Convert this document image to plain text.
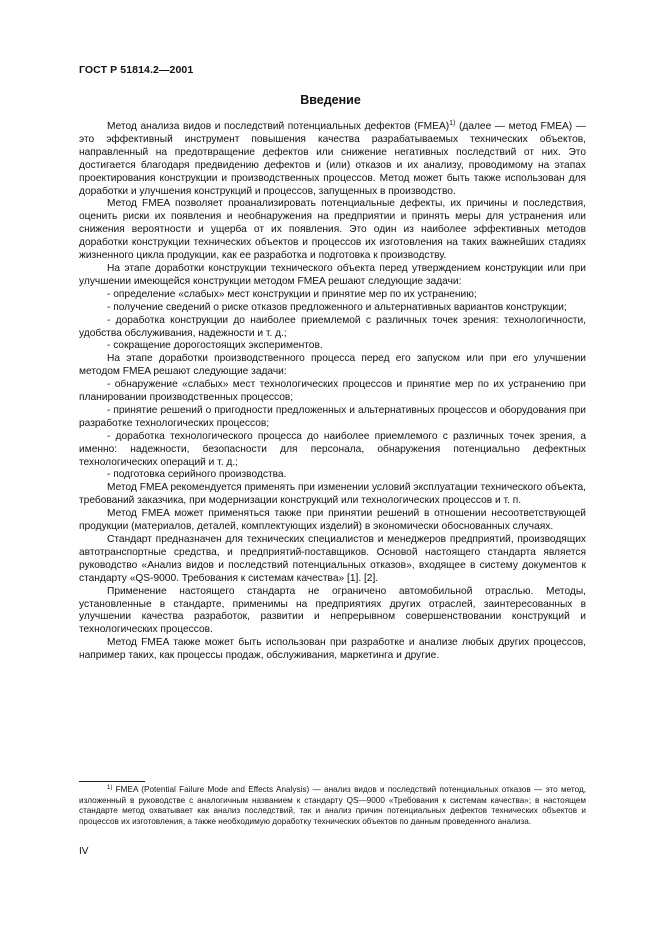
ГОСТ Р 51814.2—2001
Введение

Метод анализа видов и последствий потенциальных дефектов (FMEA)$^{1)}$ (далее — метод FMEA) — это эффективный инструмент повышения качества разрабатываемых технических объектов, направленный на предотвращение дефектов или снижение негативных последствий от них. Это достигается благодаря предвидению дефектов и (или) отказов и их анализу, проводимому на этапах проектирования конструкции и производственных процессов. Метод может быть также использован для доработки и улучшения конструкций и процессов, запущенных в производство.

Метод FMEA позволяет проанализировать потенциальные дефекты, их причины и последствия, оценить риски их появления и необнаружения на предприятии и принять меры для устранения или снижения вероятности и ущерба от их появления. Это один из наиболее эффективных методов доработки конструкции технических объектов и процессов их изготовления на таких важнейших стадиях жизненного цикла продукции, как ее разработка и подготовка к производству.

На этапе доработки конструкции технического объекта перед утверждением конструкции или при улучшении имеющейся конструкции методом FMEA решают следующие задачи:

- определение «слабых» мест конструкции и принятие мер по их устранению;

- получение сведений о риске отказов предложенного и альтернативных вариантов конструкции;

- доработка конструкции до наиболее приемлемой с различных точек зрения: технологичности, удобства обслуживания, надежности и т. д.;

- сокращение дорогостоящих экспериментов.

На этапе доработки производственного процесса перед его запуском или при его улучшении методом FMEA решают следующие задачи:

- обнаружение «слабых» мест технологических процессов и принятие мер по их устранению при планировании производственных процессов;

- принятие решений о пригодности предложенных и альтернативных процессов и оборудования при разработке технологических процессов;

- доработка технологического процесса до наиболее приемлемого с различных точек зрения, а именно: надежности, безопасности для персонала, обнаружения потенциально дефектных технологических операций и т. д.;

- подготовка серийного производства.

Метод FMEA рекомендуется применять при изменении условий эксплуатации технического объекта, требований заказчика, при модернизации конструкций или технологических процессов и т. п.

Метод FMEA может применяться также при принятии решений в отношении несоответствующей продукции (материалов, деталей, комплектующих изделий) в экономически обоснованных случаях.

Стандарт предназначен для технических специалистов и менеджеров предприятий, производящих автотранспортные средства, и предприятий-поставщиков. Основой настоящего стандарта является руководство «Анализ видов и последствий потенциальных отказов», входящее в систему документов к стандарту «QS-9000. Требования к системам качества» [1]. [2].

Применение настоящего стандарта не ограничено автомобильной отраслью. Методы, установленные в стандарте, применимы на предприятиях других отраслей, заинтересованных в улучшении качества разработок, развитии и непрерывном совершенствовании конструкций и технологических процессов.

Метод FMEA также может быть использован при разработке и анализе любых других процессов, например таких, как процессы продаж, обслуживания, маркетинга и другие.

$^{1)}$ FMEA (Potential Failure Mode and Effects Analysis) — анализ видов и последствий потенциальных отказов — это метод, изложенный в руководстве с аналогичным названием к стандарту QS—9000 «Требования к системам качества»; в настоящем стандарте метод охватывает как анализ последствий, так и анализ причин потенциальных дефектов технических объектов и процессов их изготовления, а также необходимую доработку технических объектов по данным проведенного анализа.

IV
